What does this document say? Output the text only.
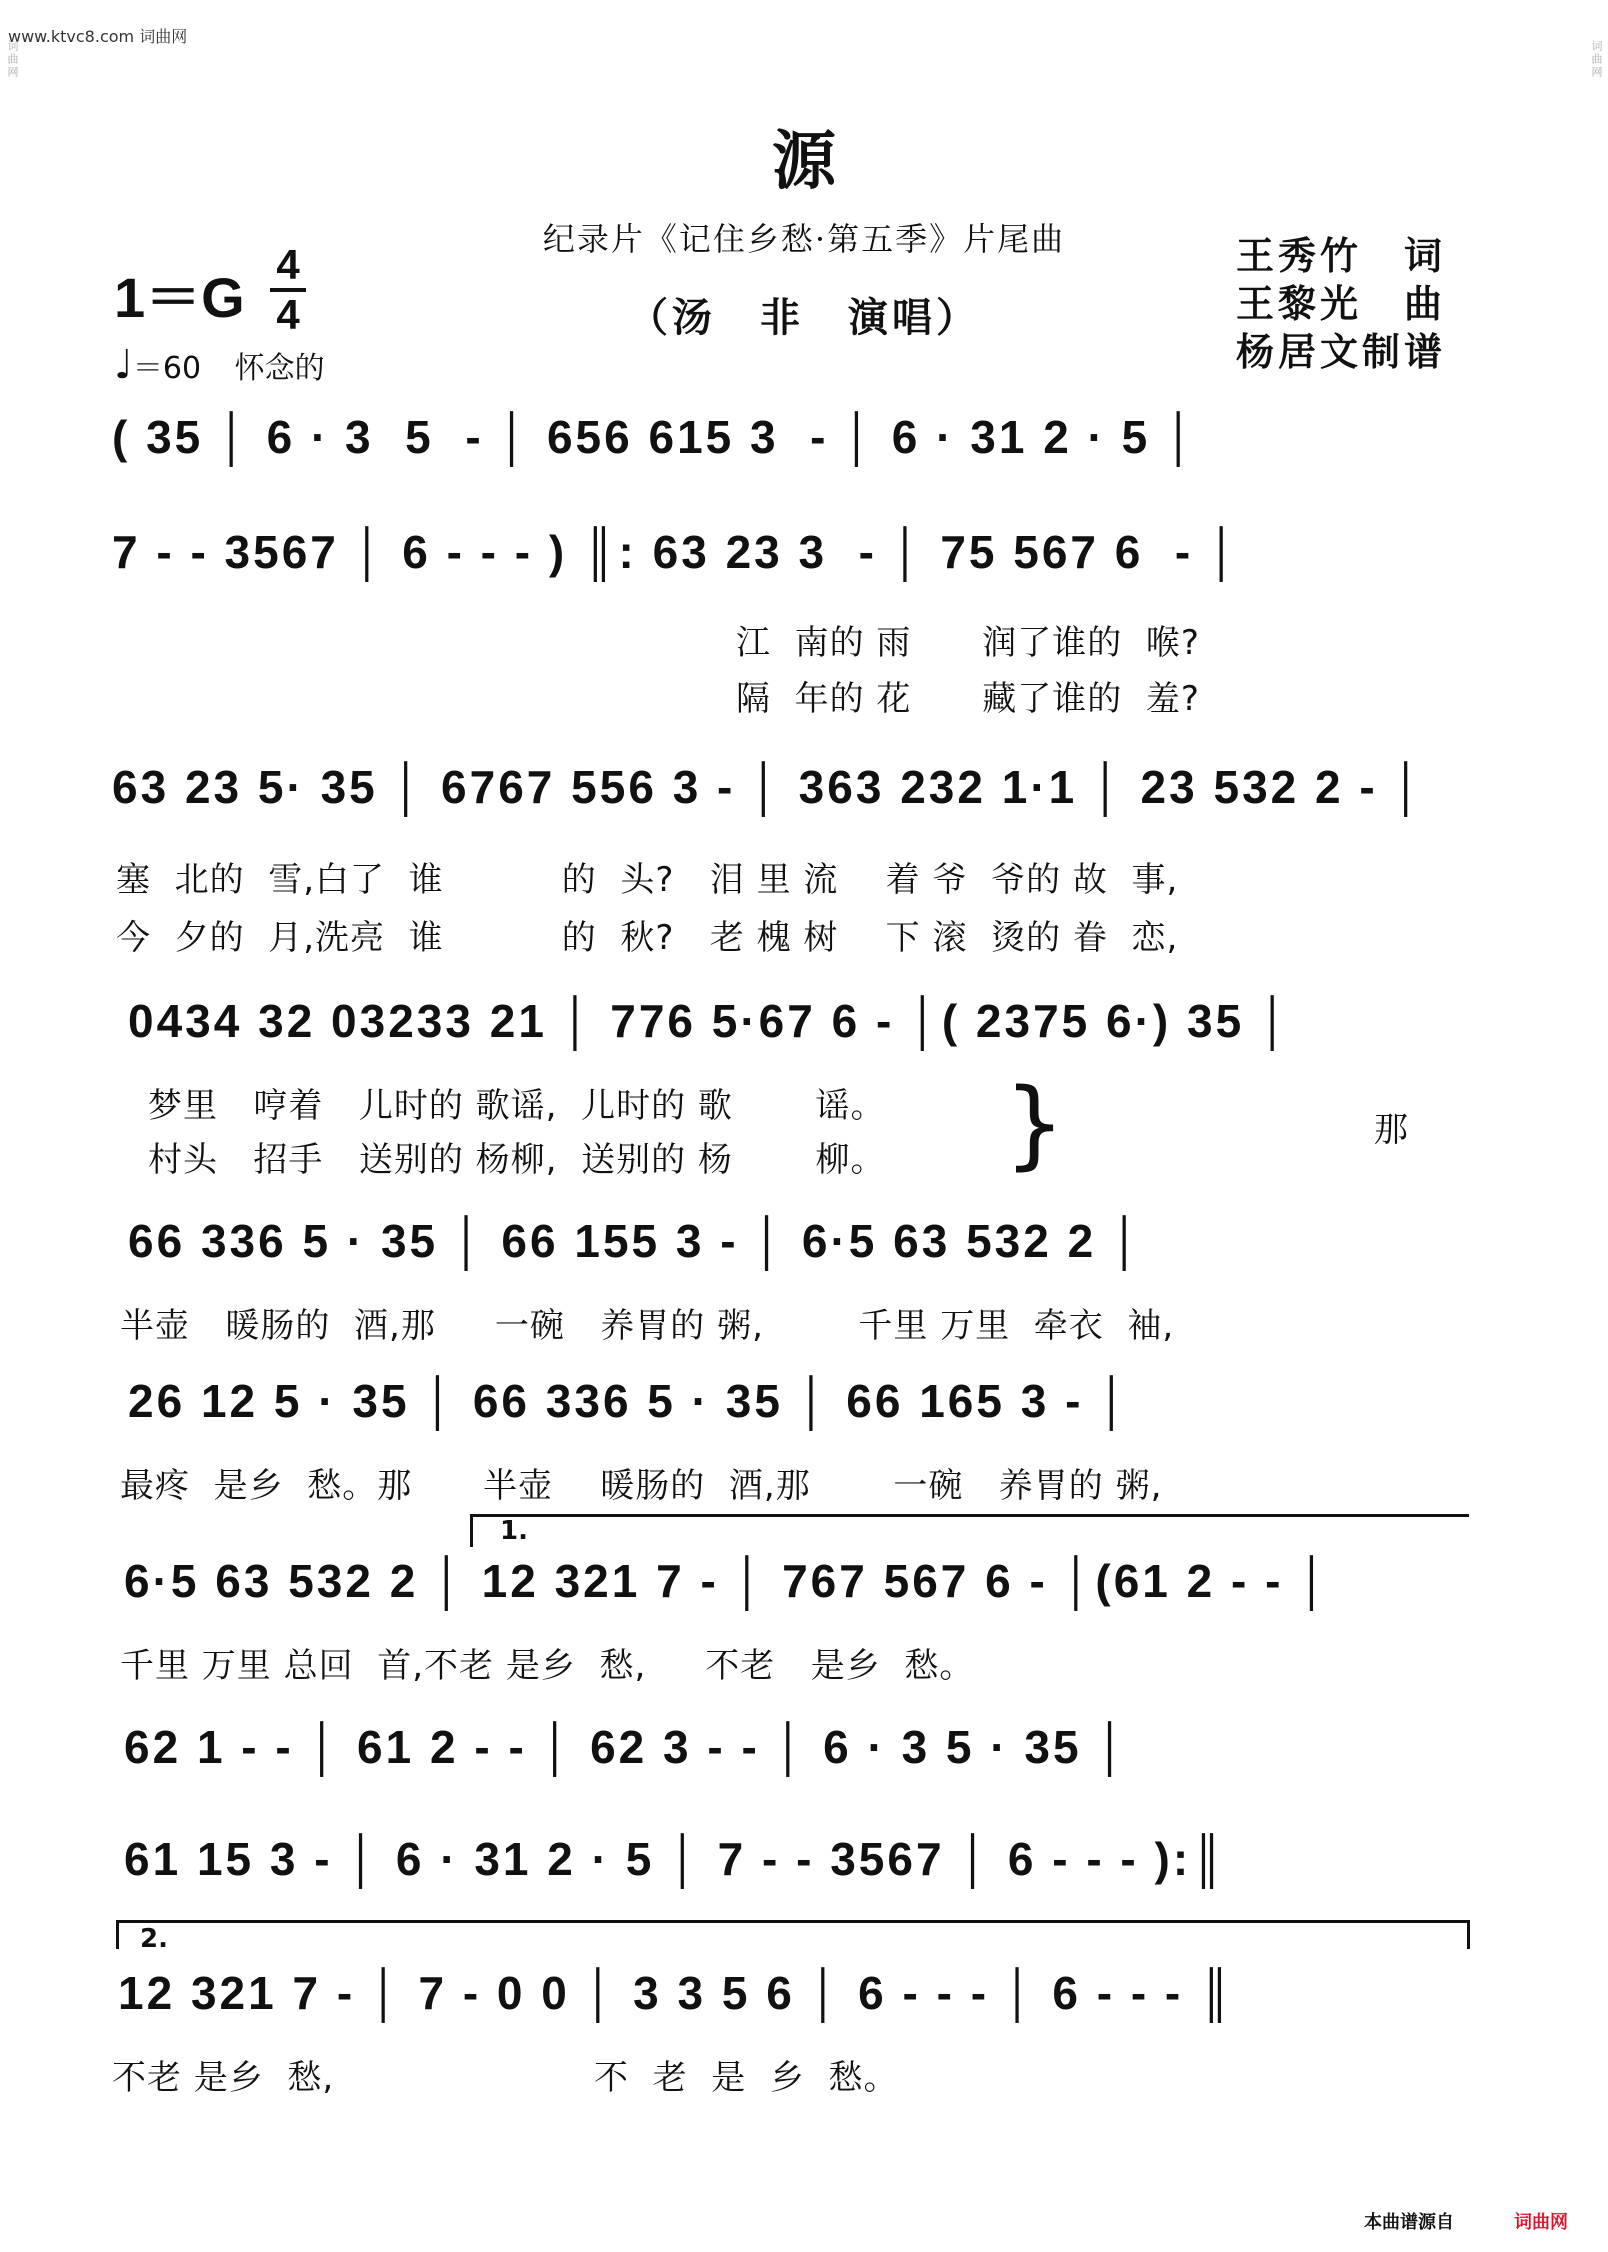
www.ktvc8.com 词曲网
词曲网	词曲网
源
纪录片《记住乡愁·第五季》片尾曲
（汤　非　演唱）
王秀竹　词
王黎光　曲
杨居文制谱
1＝G
4
4
♩＝60 怀念的
( 35 │ 6 · 3  5  - │ 656 615 3  - │ 6 · 31 2 · 5 │
7 - - 3567 │ 6 - - - ) ║: 63 23 3  - │ 75 567 6  - │
江  南的 雨      润了谁的  喉?
隔  年的 花      藏了谁的  羞?
63 23 5· 35 │ 6767 556 3 - │ 363 232 1·1 │ 23 532 2 - │
塞  北的  雪,白了  谁          的  头?   泪 里 流    着 爷  爷的 故  事,
今  夕的  月,洗亮  谁          的  秋?   老 槐 树    下 滚  烫的 眷  恋,
0434 32 03233 21 │ 776 5·67 6 - │( 2375 6·) 35 │
梦里   哼着   儿时的 歌谣,  儿时的 歌       谣。
村头   招手   送别的 杨柳,  送别的 杨       柳。 }	那
66 336 5 · 35 │ 66 155 3 - │ 6·5 63 532 2 │
半壶   暖肠的  酒,那     一碗   养胃的 粥,        千里 万里  牵衣  袖,
26 12 5 · 35 │ 66 336 5 · 35 │ 66 165 3 - │
最疼  是乡  愁。那      半壶    暖肠的  酒,那       一碗   养胃的 粥,
1.
6·5 63 532 2 │ 12 321 7 - │ 767 567 6 - │(61 2 - - │
千里 万里 总回  首,不老 是乡  愁,     不老   是乡  愁。
62 1 - - │ 61 2 - - │ 62 3 - - │ 6 · 3 5 · 35 │
61 15 3 - │ 6 · 31 2 · 5 │ 7 - - 3567 │ 6 - - - ):║
2.
12 321 7 - │ 7 - 0 0 │ 3 3 5 6 │ 6 - - - │ 6 - - - ║
不老 是乡  愁,                      不  老  是  乡  愁。
本曲谱源自	词曲网
